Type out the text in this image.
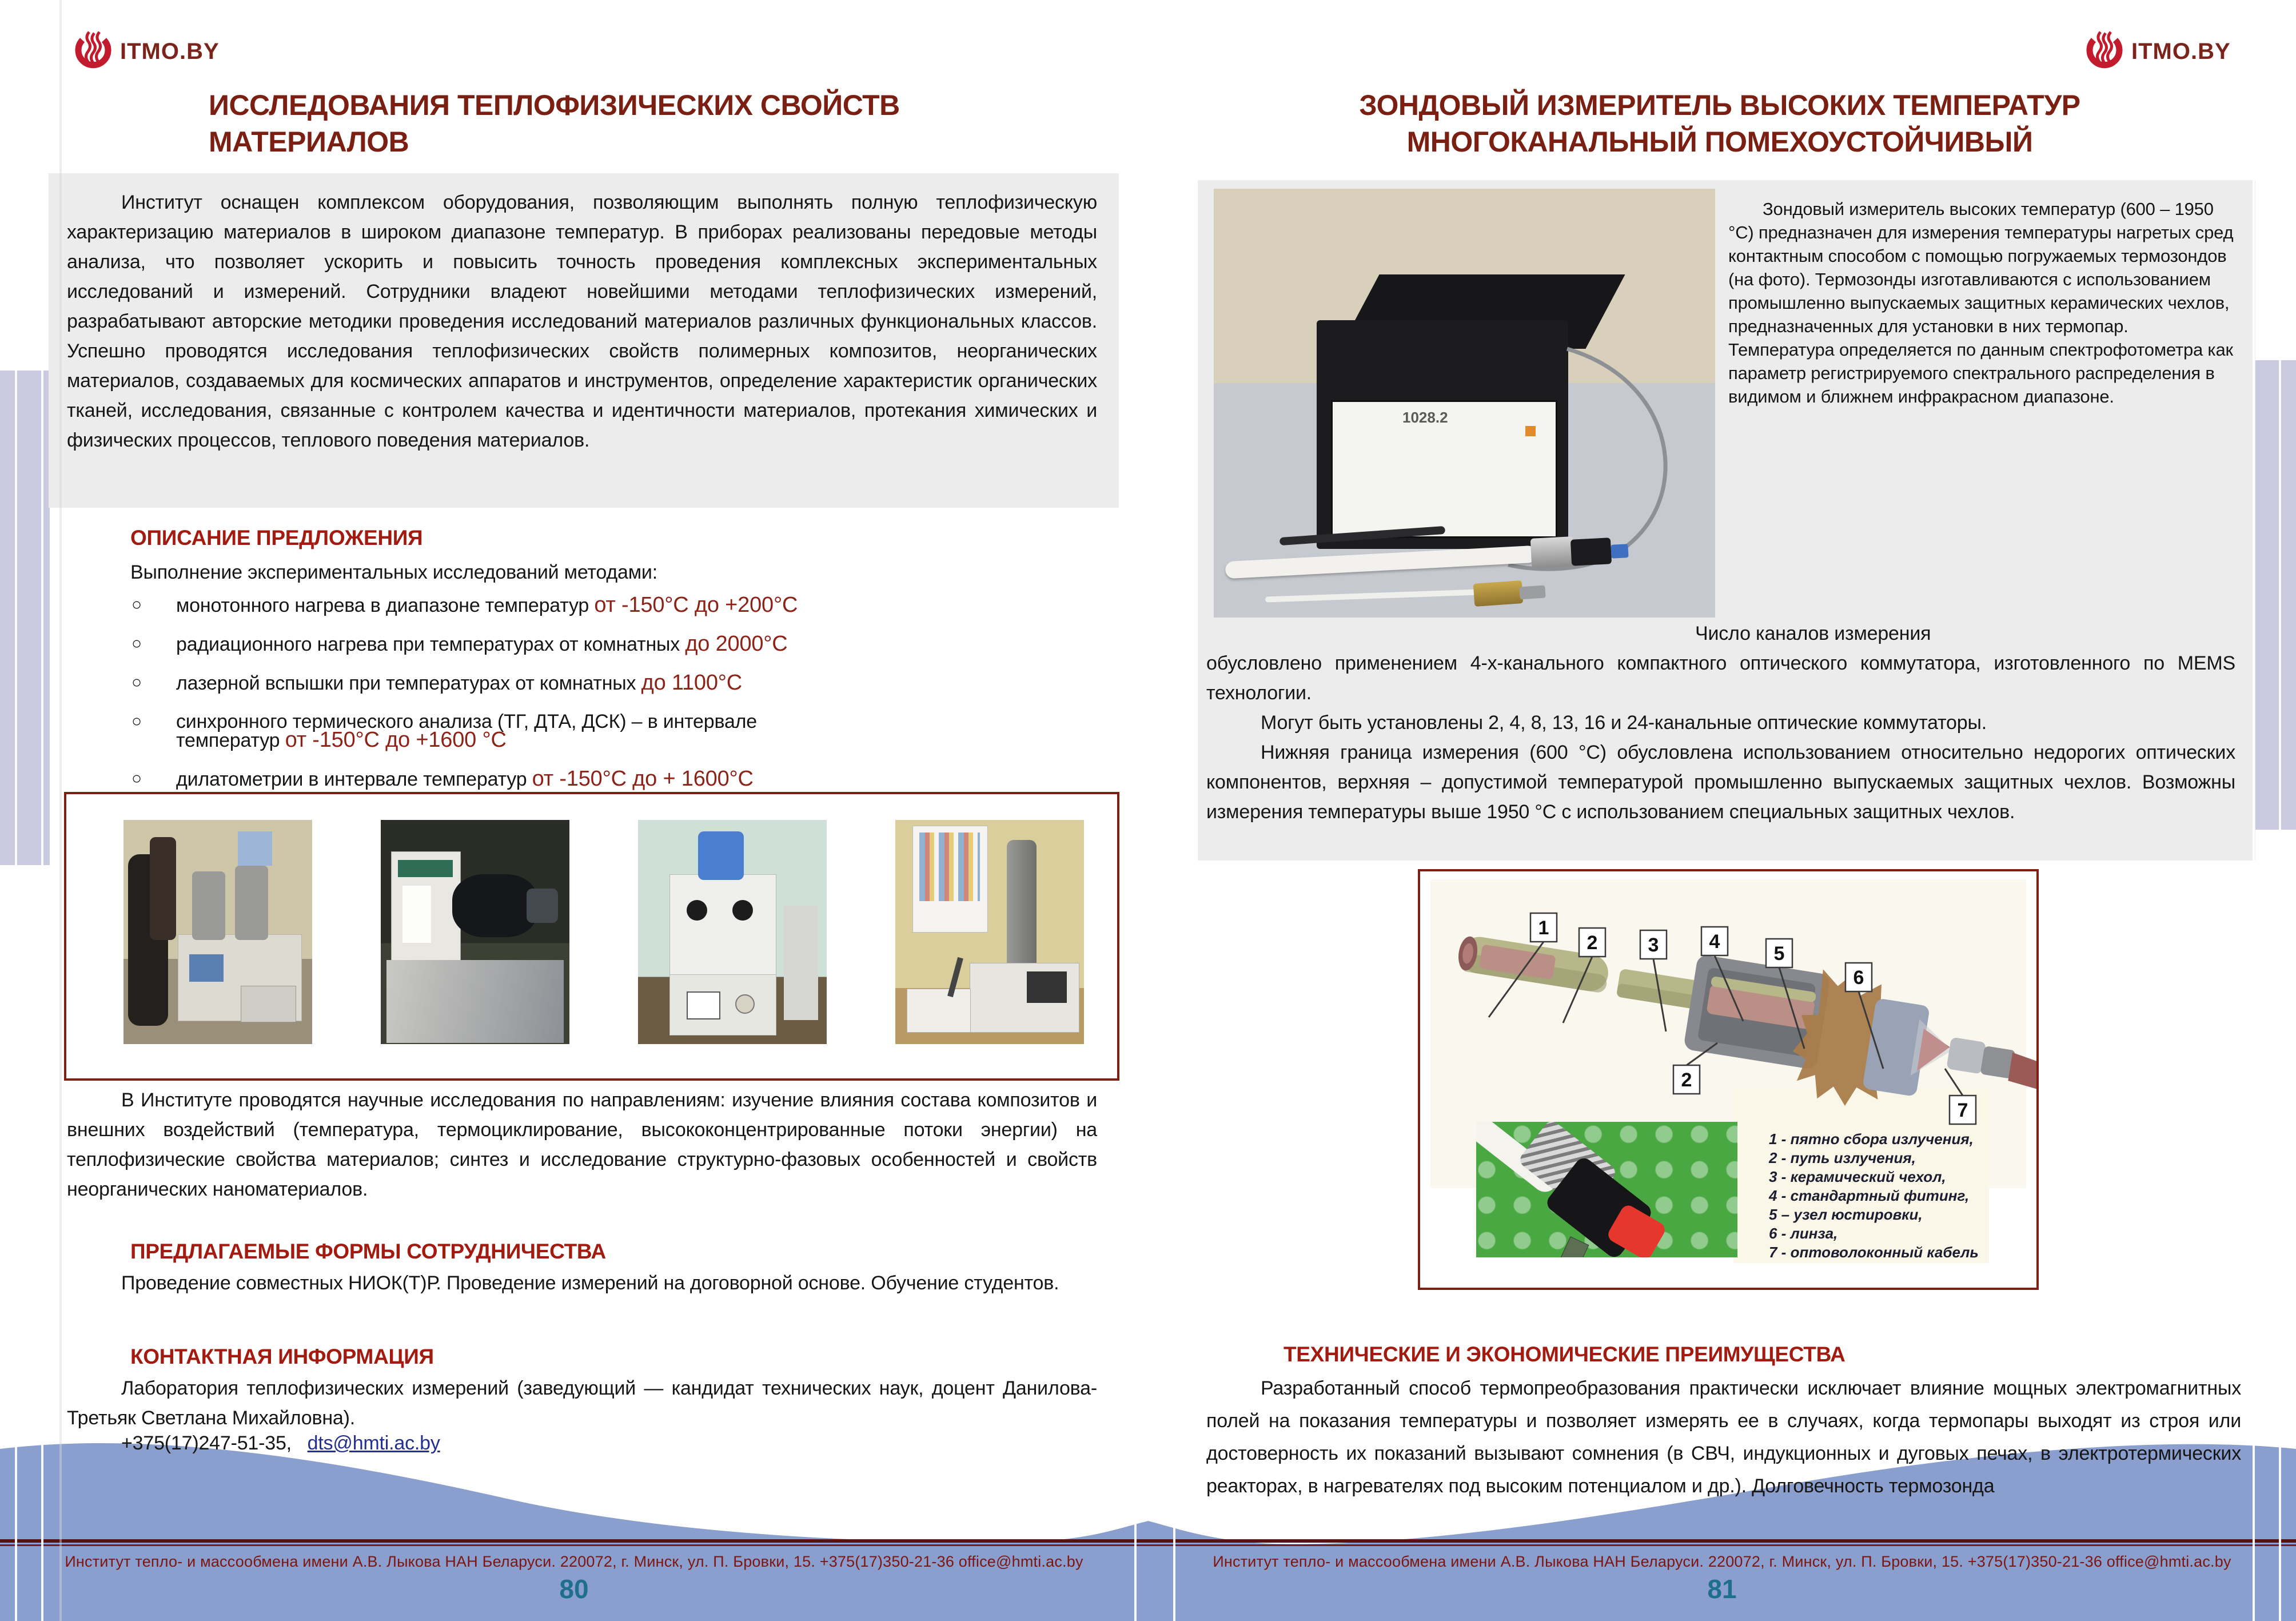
Институт тепло- и массообмена имени А.В. Лыкова НАН Беларуси. 220072, г. Минск, ул. П. Бровки, 15. +375(17)350-21-36 office@hmti.ac.by	Институт тепло- и массообмена имени А.В. Лыкова НАН Беларуси. 220072, г. Минск, ул. П. Бровки, 15. +375(17)350-21-36 office@hmti.ac.by
80	81
ITMO.BY
ИССЛЕДОВАНИЯ ТЕПЛОФИЗИЧЕСКИХ СВОЙСТВ
МАТЕРИАЛОВ
Институт оснащен комплексом оборудования, позволяющим выполнять полную теплофизическую характеризацию материалов в широком диапазоне температур. В приборах реализованы передовые методы анализа, что позволяет ускорить и повысить точность проведения комплексных экспериментальных исследований и измерений. Сотрудники владеют новейшими методами теплофизических измерений, разрабатывают авторские методики проведения исследований материалов различных функциональных классов. Успешно проводятся исследования теплофизических свойств полимерных композитов, неорганических материалов, создаваемых для космических аппаратов и инструментов, определение характеристик органических тканей, исследования, связанные с контролем качества и идентичности материалов, протекания химических и физических процессов, теплового поведения материалов.
ОПИСАНИЕ ПРЕДЛОЖЕНИЯ
Выполнение экспериментальных исследований методами:
○
монотонного нагрева в диапазоне температур от -150°С до +200°С
○
радиационного нагрева при температурах от комнатных до 2000°С
○
лазерной вспышки при температурах от комнатных до 1100°С
○
синхронного термического анализа (ТГ, ДТА, ДСК) – в интервале
температур от -150°С до +1600 °С
○
дилатометрии в интервале температур от -150°С до + 1600°С
В Институте проводятся научные исследования по направлениям: изучение влияния состава композитов и внешних воздействий (температура, термоциклирование, высококонцентрированные потоки энергии) на теплофизические свойства материалов; синтез и исследование структурно-фазовых особенностей и свойств неорганических наноматериалов.
ПРЕДЛАГАЕМЫЕ ФОРМЫ СОТРУДНИЧЕСТВА
Проведение совместных НИОК(Т)Р. Проведение измерений на договорной основе. Обучение студентов.
КОНТАКТНАЯ ИНФОРМАЦИЯ
Лаборатория теплофизических измерений (заведующий — кандидат технических наук, доцент Данилова-Третьяк Светлана Михайловна).
+375(17)247-51-35, dts@hmti.ac.by
ITMO.BY
ЗОНДОВЫЙ ИЗМЕРИТЕЛЬ ВЫСОКИХ ТЕМПЕРАТУР
МНОГОКАНАЛЬНЫЙ ПОМЕХОУСТОЙЧИВЫЙ
1028.2
Зондовый измеритель высоких температур (600 – 1950 °С) предназначен для измерения температуры нагретых сред контактным способом с помощью погружаемых термозондов (на фото). Термозонды изготавливаются с использованием промышленно выпускаемых защитных керамических чехлов, предназначенных для установки в них термопар. Температура определяется по данным спектрофотометра как параметр регистрируемого спектрального распределения в видимом и ближнем инфракрасном диапазоне.
Число каналов измерения
обусловлено применением 4-х-канального компактного оптического коммутатора, изготовленного по MEMS технологии.
Могут быть установлены 2, 4, 8, 13, 16 и 24-канальные оптические коммутаторы.
Нижняя граница измерения (600 °С) обусловлена использованием относительно недорогих оптических компонентов, верхняя – допустимой температурой промышленно выпускаемых защитных чехлов. Возможны измерения температуры выше 1950 °С с использованием специальных защитных чехлов.
1
2	3	4
5
6
2
7
1 - пятно сбора излучения,
2 - путь излучения,
3 - керамический чехол,
4 - стандартный фитинг,
5 – узел юстировки,
6 - линза,
7 - оптоволоконный кабель
ТЕХНИЧЕСКИЕ И ЭКОНОМИЧЕСКИЕ ПРЕИМУЩЕСТВА
Разработанный способ термопреобразования практически исключает влияние мощных электромагнитных полей на показания температуры и позволяет измерять ее в случаях, когда термопары выходят из строя или достоверность их показаний вызывают сомнения (в СВЧ, индукционных и дуговых печах, в электротермических реакторах, в нагревателях под высоким потенциалом и др.). Долговечность термозонда
